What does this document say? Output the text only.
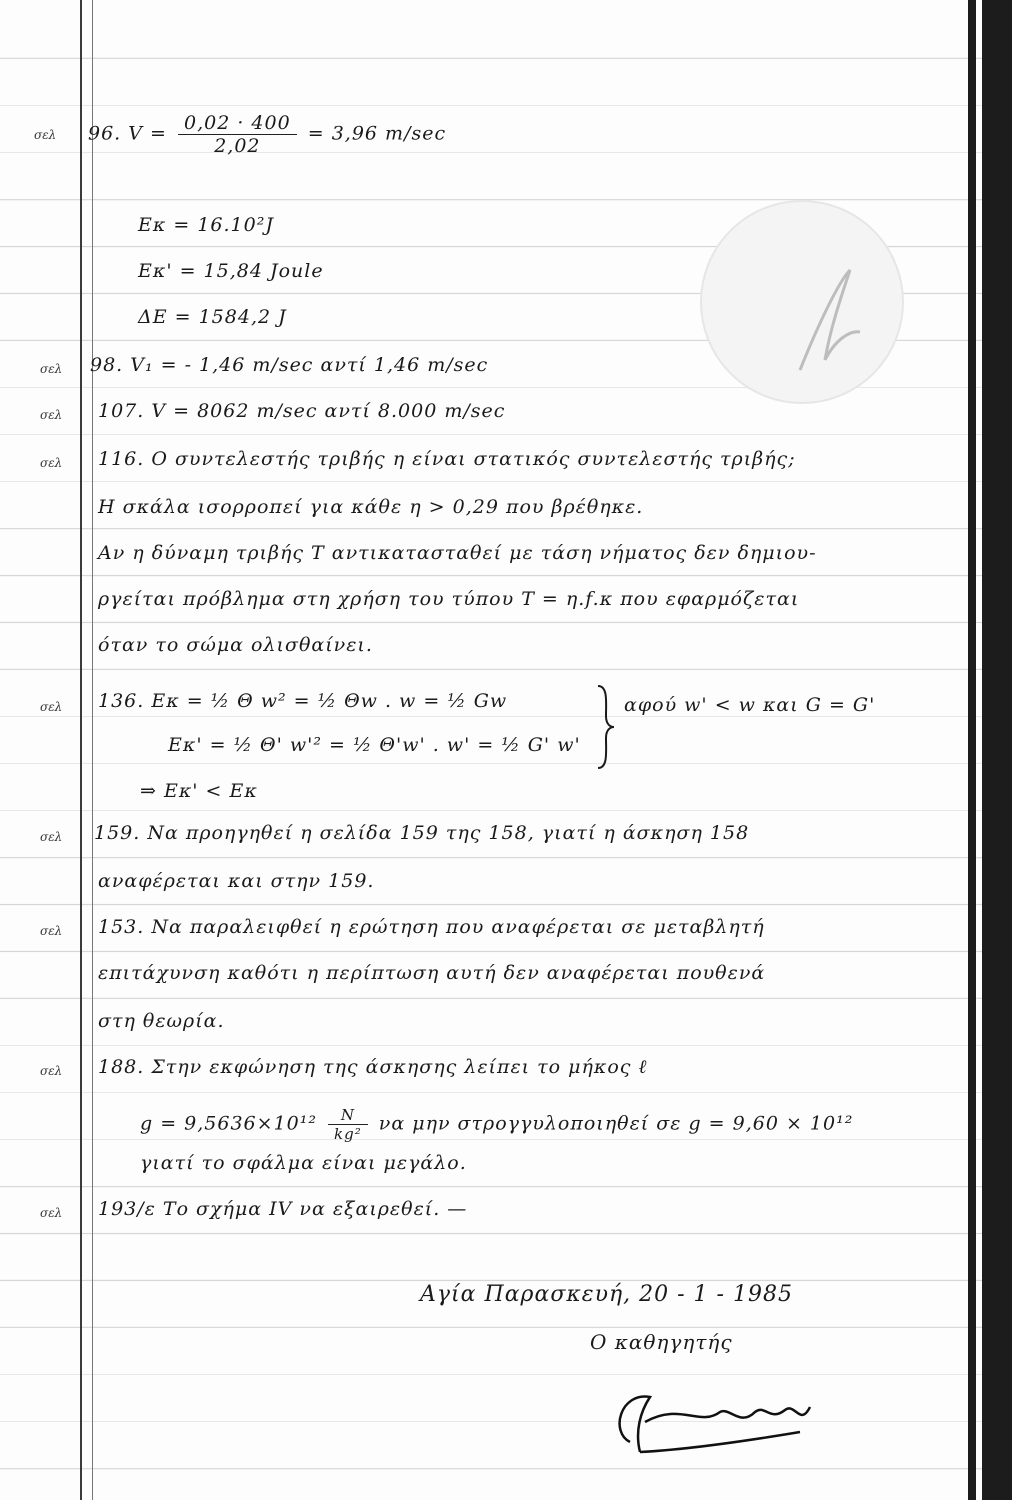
σελ 96. $V = \frac{0,02 \cdot 400}{2,02} = 3,96$ m/sec
Eκ = 16.10²J
Eκ' = 15,84 Joule
ΔE = 1584,2 J
σελ 98. V₁ = - 1,46 m/sec αντί 1,46 m/sec
σελ 107. V = 8062 m/sec αντί 8.000 m/sec
σελ 116. Ο συντελεστής τριβής η είναι στατικός συντελεστής τριβής;
Η σκάλα ισορροπεί για κάθε η > 0,29 που βρέθηκε.
Αν η δύναμη τριβής Τ αντικατασταθεί με τάση νήματος δεν δημιου-
ργείται πρόβλημα στη χρήση του τύπου Τ = η.f.κ που εφαρμόζεται
όταν το σώμα ολισθαίνει.
σελ 136. Eκ = ½ Θ w² = ½ Θw . w = ½ Gw
Eκ' = ½ Θ' w'² = ½ Θ'w' . w' = ½ G' w'
αφού w' < w και G = G'
⇒ Eκ' < Eκ
σελ 159. Να προηγηθεί η σελίδα 159 της 158, γιατί η άσκηση 158
αναφέρεται και στην 159.
σελ 153. Να παραλειφθεί η ερώτηση που αναφέρεται σε μεταβλητή
επιτάχυνση καθότι η περίπτωση αυτή δεν αναφέρεται πουθενά
στη θεωρία.
σελ 188. Στην εκφώνηση της άσκησης λείπει το μήκος ℓ
$g = 9,5636\times 10^{12} \frac{N}{\text{kg²}}$ να μην στρογγυλοποιηθεί σε g = 9,60 × 10¹²
γιατί το σφάλμα είναι μεγάλο.
σελ 193/ε Το σχήμα IV να εξαιρεθεί. —
Αγία Παρασκευή, 20 - 1 - 1985
Ο καθηγητής
